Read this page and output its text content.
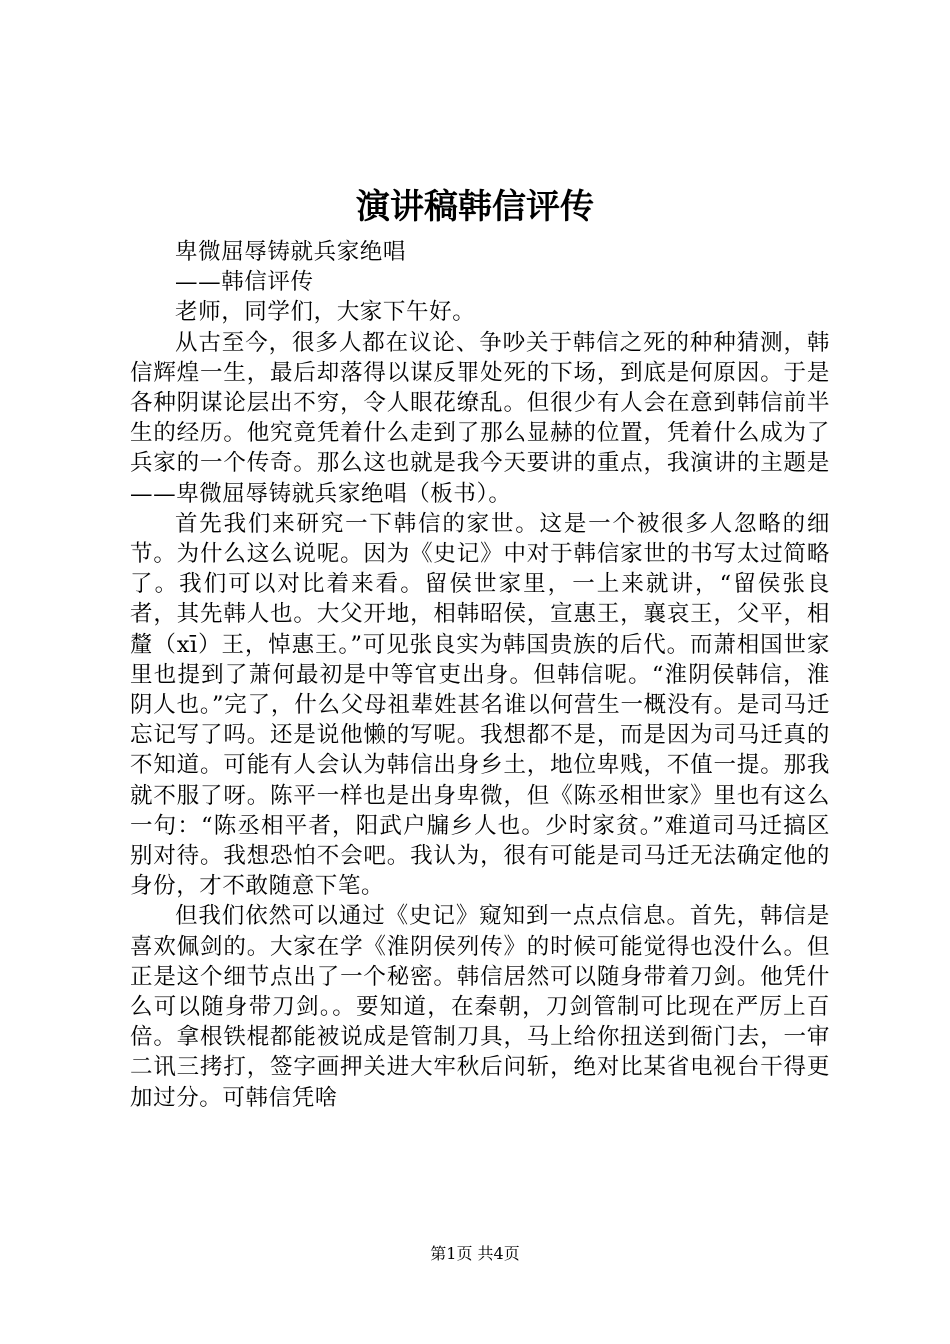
演讲稿韩信评传

卑微屈辱铸就兵家绝唱

——韩信评传

老师，同学们，大家下午好。

从古至今，很多人都在议论、争吵关于韩信之死的种种猜测，韩信辉煌一生，最后却落得以谋反罪处死的下场，到底是何原因。于是各种阴谋论层出不穷，令人眼花缭乱。但很少有人会在意到韩信前半生的经历。他究竟凭着什么走到了那么显赫的位置，凭着什么成为了兵家的一个传奇。那么这也就是我今天要讲的重点，我演讲的主题是——卑微屈辱铸就兵家绝唱（板书）。

首先我们来研究一下韩信的家世。这是一个被很多人忽略的细节。为什么这么说呢。因为《史记》中对于韩信家世的书写太过简略了。我们可以对比着来看。留侯世家里，一上来就讲，“留侯张良者，其先韩人也。大父开地，相韩昭侯，宣惠王，襄哀王，父平，相釐（xī）王，悼惠王。”可见张良实为韩国贵族的后代。而萧相国世家里也提到了萧何最初是中等官吏出身。但韩信呢。“淮阴侯韩信，淮阴人也。”完了，什么父母祖辈姓甚名谁以何营生一概没有。是司马迁忘记写了吗。还是说他懒的写呢。我想都不是，而是因为司马迁真的不知道。可能有人会认为韩信出身乡土，地位卑贱，不值一提。那我就不服了呀。陈平一样也是出身卑微，但《陈丞相世家》里也有这么一句：“陈丞相平者，阳武户牖乡人也。少时家贫。”难道司马迁搞区别对待。我想恐怕不会吧。我认为，很有可能是司马迁无法确定他的身份，才不敢随意下笔。

但我们依然可以通过《史记》窥知到一点点信息。首先，韩信是喜欢佩剑的。大家在学《淮阴侯列传》的时候可能觉得也没什么。但正是这个细节点出了一个秘密。韩信居然可以随身带着刀剑。他凭什么可以随身带刀剑。。要知道，在秦朝，刀剑管制可比现在严厉上百倍。拿根铁棍都能被说成是管制刀具，马上给你扭送到衙门去，一审二讯三拷打，签字画押关进大牢秋后问斩，绝对比某省电视台干得更加过分。可韩信凭啥

第1页 共4页
